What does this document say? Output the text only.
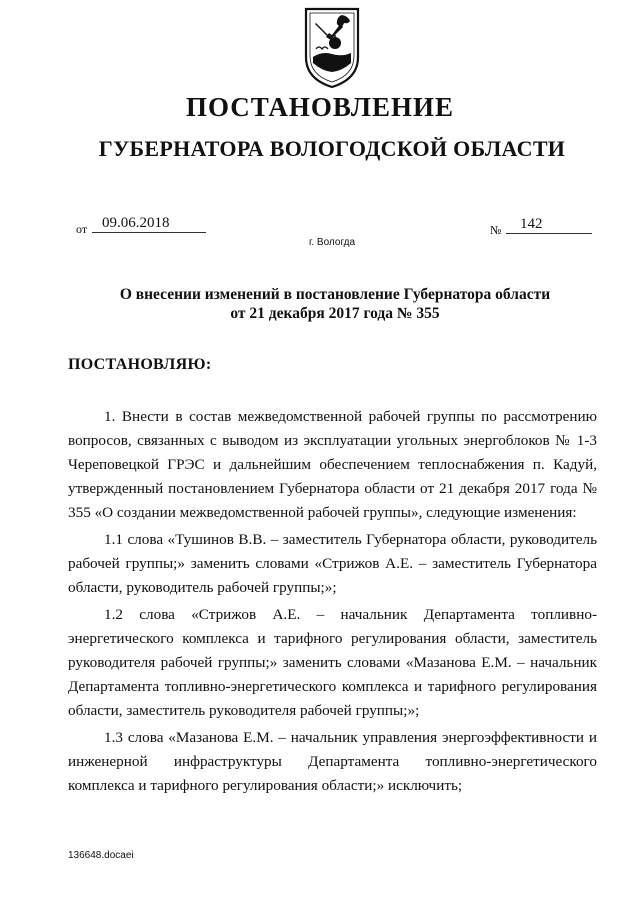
ПОСТАНОВЛЕНИЕ
ГУБЕРНАТОРА ВОЛОГОДСКОЙ ОБЛАСТИ
от 09.06.2018	№	142
г. Вологда
О внесении изменений в постановление Губернатора области
от 21 декабря 2017 года № 355
ПОСТАНОВЛЯЮ:

1. Внести в состав межведомственной рабочей группы по рассмотрению вопросов, связанных с выводом из эксплуатации угольных энергоблоков № 1-3 Череповецкой ГРЭС и дальнейшим обеспечением теплоснабжения п. Кадуй, утвержденный постановлением Губернатора области от 21 декабря 2017 года № 355 «О создании межведомственной рабочей группы», следующие изменения:

1.1 слова «Тушинов В.В. – заместитель Губернатора области, руководитель рабочей группы;» заменить словами «Стрижов А.Е. – заместитель Губернатора области, руководитель рабочей группы;»;

1.2 слова «Стрижов А.Е. – начальник Департамента топливно-энергетического комплекса и тарифного регулирования области, заместитель руководителя рабочей группы;» заменить словами «Мазанова Е.М. – начальник Департамента топливно-энергетического комплекса и тарифного регулирования области, заместитель руководителя рабочей группы;»;

1.3 слова «Мазанова Е.М. – начальник управления энергоэффективности и инженерной инфраструктуры Департамента топливно-энергетического комплекса и тарифного регулирования области;» исключить;

136648.docaei
